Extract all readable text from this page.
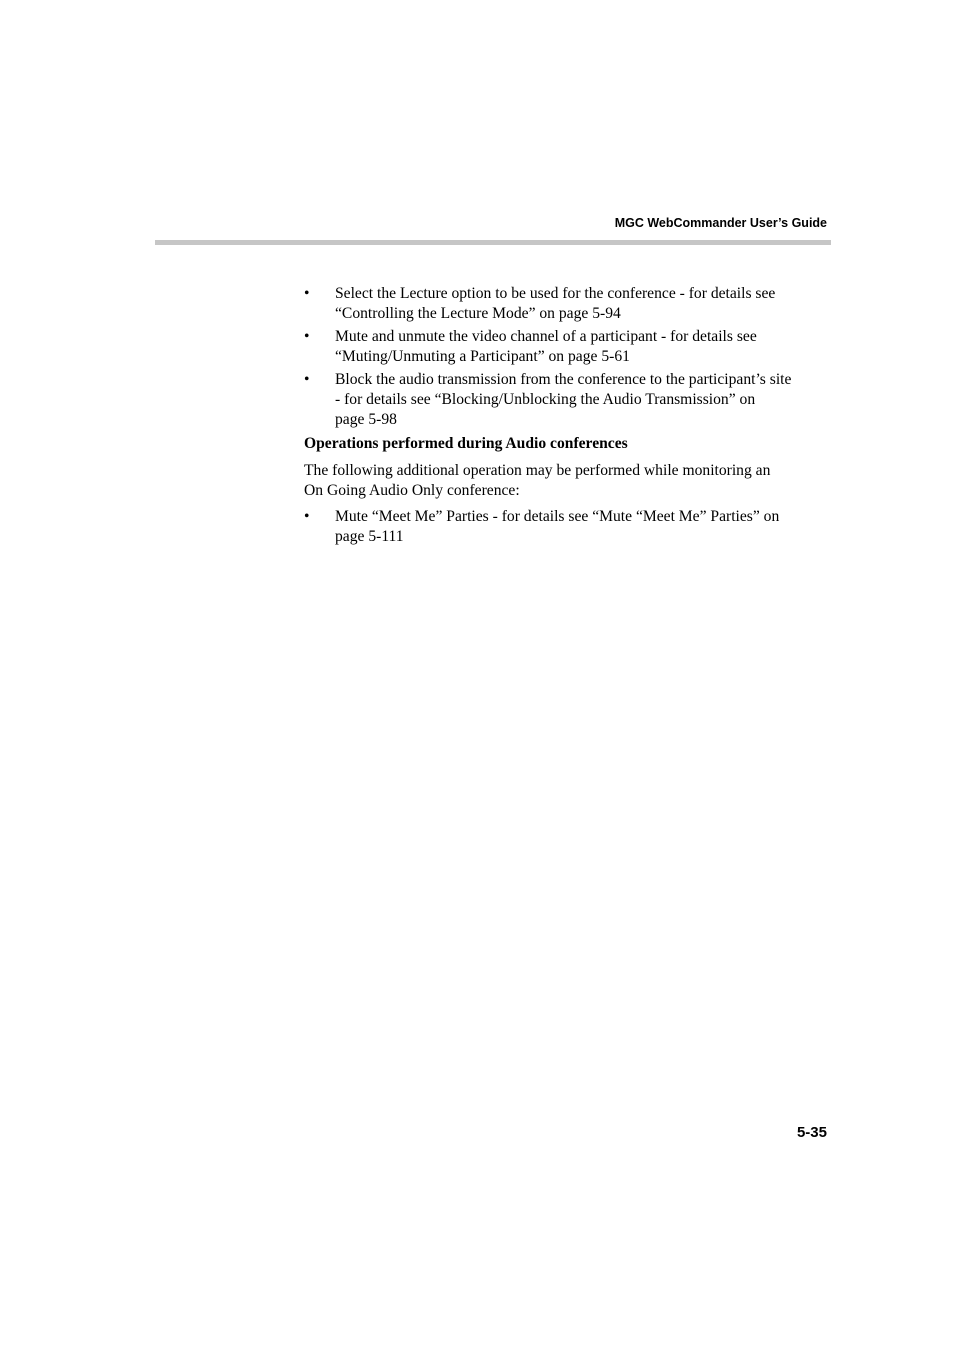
MGC WebCommander User’s Guide
•	Select the Lecture option to be used for the conference - for details see
“Controlling the Lecture Mode” on page 5-94
•	Mute and unmute the video channel of a participant - for details see
“Muting/Unmuting a Participant” on page 5-61
•	Block the audio transmission from the conference to the participant’s site
- for details see “Blocking/Unblocking the Audio Transmission” on
page 5-98
Operations performed during Audio conferences
The following additional operation may be performed while monitoring an
On Going Audio Only conference:
•	Mute “Meet Me” Parties - for details see “Mute “Meet Me” Parties” on
page 5-111
5-35
